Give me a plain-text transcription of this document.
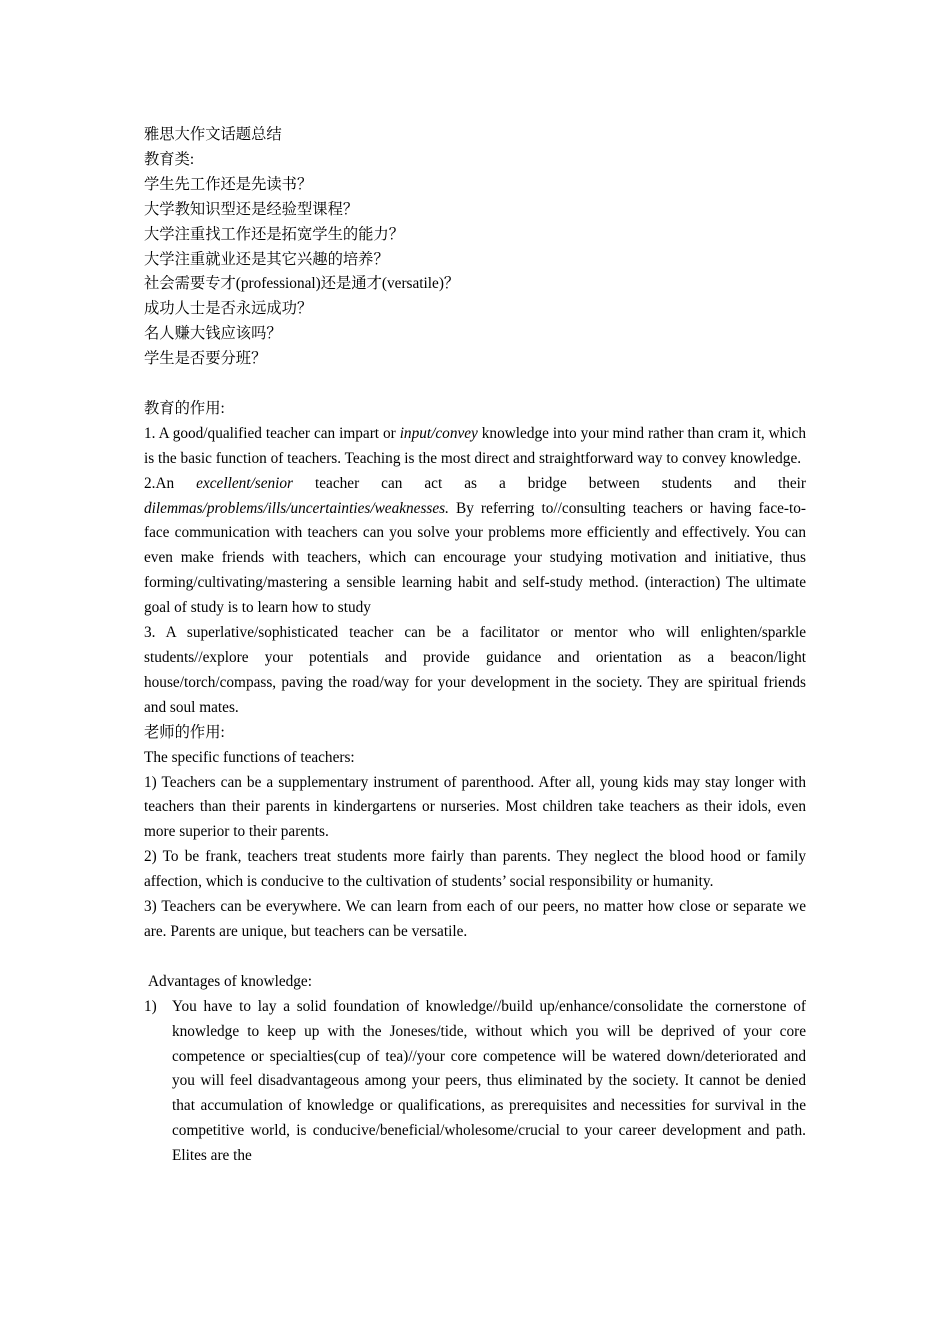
雅思大作文话题总结
教育类:
学生先工作还是先读书？
大学教知识型还是经验型课程？
大学注重找工作还是拓宽学生的能力？
大学注重就业还是其它兴趣的培养？
社会需要专才(professional)还是通才(versatile)？
成功人士是否永远成功？
名人赚大钱应该吗？
学生是否要分班？
教育的作用:
1. A good/qualified teacher can impart or input/convey knowledge into your mind rather than cram it, which is the basic function of teachers. Teaching is the most direct and straightforward way to convey knowledge.
2.An excellent/senior teacher can act as a bridge between students and their dilemmas/problems/ills/uncertainties/weaknesses. By referring to//consulting teachers or having face-to-face communication with teachers can you solve your problems more efficiently and effectively. You can even make friends with teachers, which can encourage your studying motivation and initiative, thus forming/cultivating/mastering a sensible learning habit and self-study method. (interaction) The ultimate goal of study is to learn how to study
3. A superlative/sophisticated teacher can be a facilitator or mentor who will enlighten/sparkle students//explore your potentials and provide guidance and orientation as a beacon/light house/torch/compass, paving the road/way for your development in the society. They are spiritual friends and soul mates.
老师的作用:
The specific functions of teachers:
1) Teachers can be a supplementary instrument of parenthood. After all, young kids may stay longer with teachers than their parents in kindergartens or nurseries. Most children take teachers as their idols, even more superior to their parents.
2) To be frank, teachers treat students more fairly than parents. They neglect the blood hood or family affection, which is conducive to the cultivation of students’ social responsibility or humanity.
3) Teachers can be everywhere. We can learn from each of our peers, no matter how close or separate we are. Parents are unique, but teachers can be versatile.
Advantages of knowledge:
1) You have to lay a solid foundation of knowledge//build up/enhance/consolidate the cornerstone of knowledge to keep up with the Joneses/tide, without which you will be deprived of your core competence or specialties(cup of tea)//your core competence will be watered down/deteriorated and you will feel disadvantageous among your peers, thus eliminated by the society. It cannot be denied that accumulation of knowledge or qualifications, as prerequisites and necessities for survival in the competitive world, is conducive/beneficial/wholesome/crucial to your career development and path. Elites are the
